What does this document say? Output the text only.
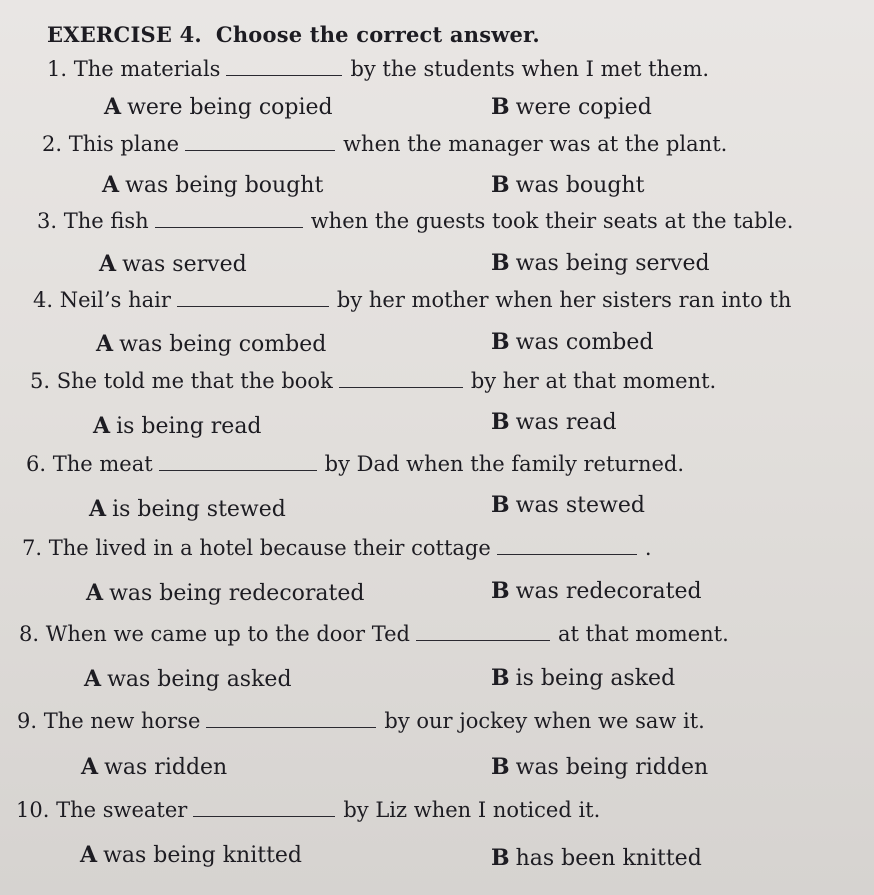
EXERCISE 4. Choose the correct answer.
1. The materials	by the students when I met them.
A were being copied	B were copied
2. This plane	when the manager was at the plant.
A was being bought	B was bought
3. The fish	when the guests took their seats at the table.
A was served	B was being served
4. Neil’s hair	by her mother when her sisters ran into th
A was being combed	B was combed
5. She told me that the book	by her at that moment.
A is being read	B was read
6. The meat	by Dad when the family returned.
A is being stewed	B was stewed
7. The lived in a hotel because their cottage	.
A was being redecorated	B was redecorated
8. When we came up to the door Ted	at that moment.
A was being asked	B is being asked
9. The new horse	by our jockey when we saw it.
A was ridden	B was being ridden
10. The sweater	by Liz when I noticed it.
A was being knitted	B has been knitted
